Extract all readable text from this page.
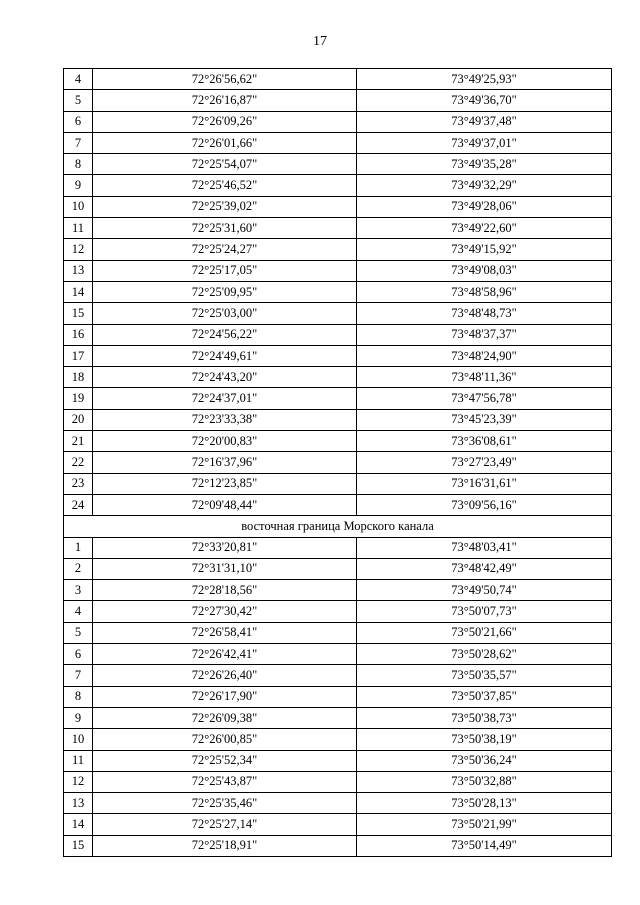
17
4	72°26'56,62"	73°49'25,93"
5	72°26'16,87"	73°49'36,70"
6	72°26'09,26"	73°49'37,48"
7	72°26'01,66"	73°49'37,01"
8	72°25'54,07"	73°49'35,28"
9	72°25'46,52"	73°49'32,29"
10	72°25'39,02"	73°49'28,06"
11	72°25'31,60"	73°49'22,60"
12	72°25'24,27"	73°49'15,92"
13	72°25'17,05"	73°49'08,03"
14	72°25'09,95"	73°48'58,96"
15	72°25'03,00"	73°48'48,73"
16	72°24'56,22"	73°48'37,37"
17	72°24'49,61"	73°48'24,90"
18	72°24'43,20"	73°48'11,36"
19	72°24'37,01"	73°47'56,78"
20	72°23'33,38"	73°45'23,39"
21	72°20'00,83"	73°36'08,61"
22	72°16'37,96"	73°27'23,49"
23	72°12'23,85"	73°16'31,61"
24	72°09'48,44"	73°09'56,16"
восточная граница Морского канала		
1	72°33'20,81"	73°48'03,41"
2	72°31'31,10"	73°48'42,49"
3	72°28'18,56"	73°49'50,74"
4	72°27'30,42"	73°50'07,73"
5	72°26'58,41"	73°50'21,66"
6	72°26'42,41"	73°50'28,62"
7	72°26'26,40"	73°50'35,57"
8	72°26'17,90"	73°50'37,85"
9	72°26'09,38"	73°50'38,73"
10	72°26'00,85"	73°50'38,19"
11	72°25'52,34"	73°50'36,24"
12	72°25'43,87"	73°50'32,88"
13	72°25'35,46"	73°50'28,13"
14	72°25'27,14"	73°50'21,99"
15	72°25'18,91"	73°50'14,49"
